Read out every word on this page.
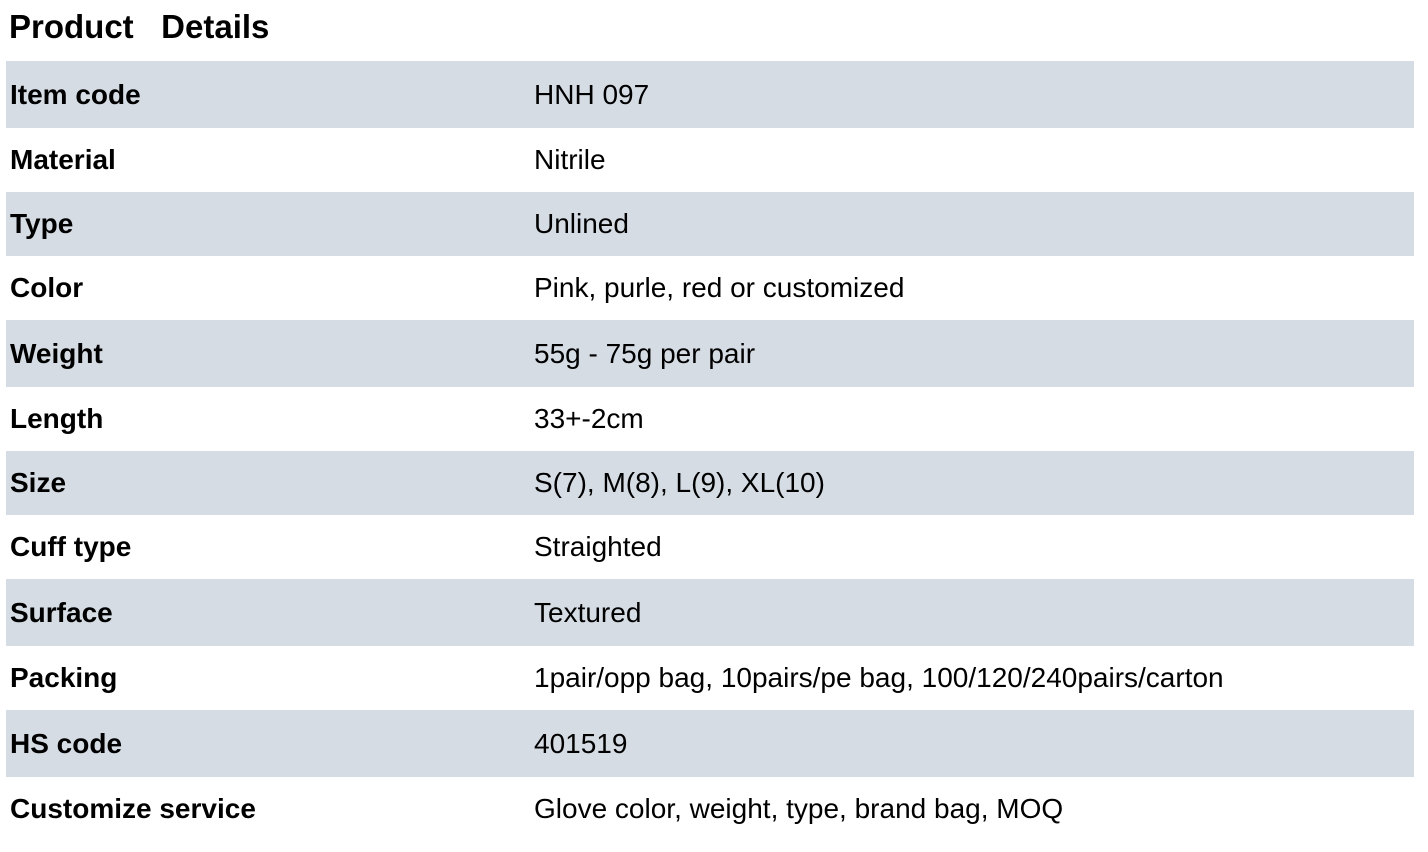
Product   Details
Item code	HNH 097
Material	Nitrile
Type	Unlined
Color	Pink, purle, red or customized
Weight	55g - 75g per pair
Length	33+-2cm
Size	S(7), M(8), L(9), XL(10)
Cuff type	Straighted
Surface	Textured
Packing	1pair/opp bag, 10pairs/pe bag, 100/120/240pairs/carton
HS code	401519
Customize service	Glove color, weight, type, brand bag, MOQ
